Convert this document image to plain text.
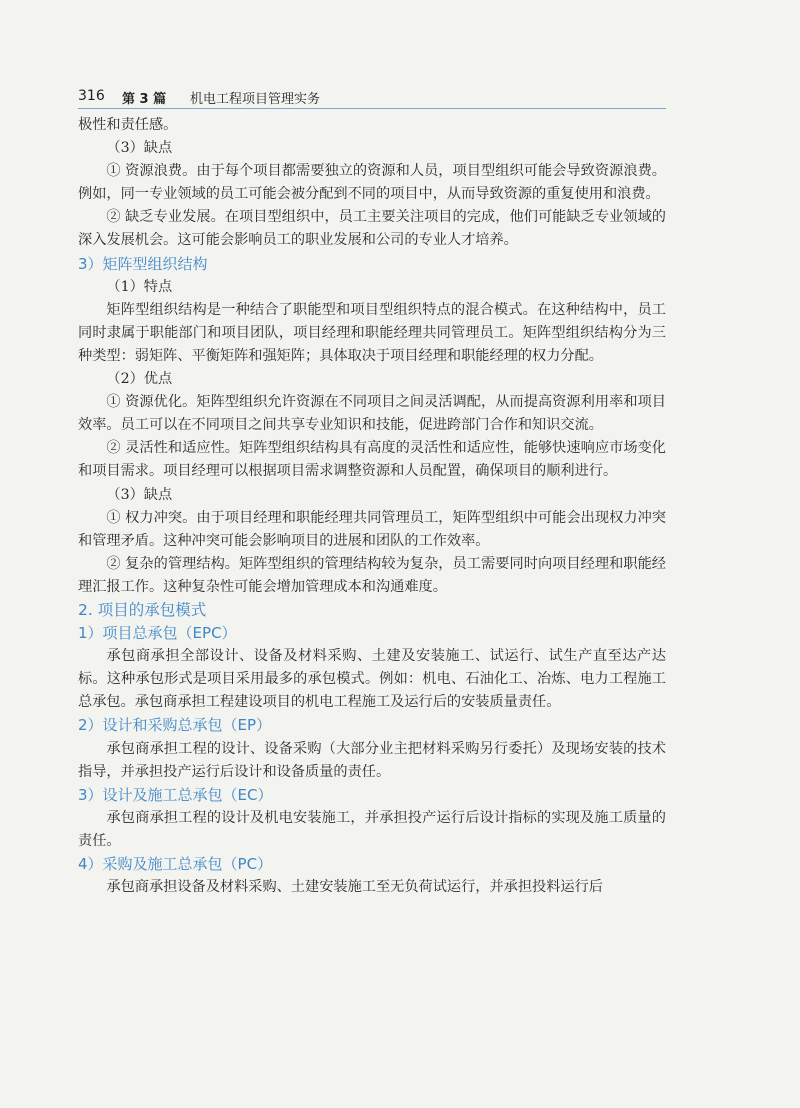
316 第 3 篇 机电工程项目管理实务

极性和责任感。

（3）缺点

① 资源浪费。由于每个项目都需要独立的资源和人员，项目型组织可能会导致资源浪费。例如，同一专业领域的员工可能会被分配到不同的项目中，从而导致资源的重复使用和浪费。

② 缺乏专业发展。在项目型组织中，员工主要关注项目的完成，他们可能缺乏专业领域的深入发展机会。这可能会影响员工的职业发展和公司的专业人才培养。

3）矩阵型组织结构

（1）特点

矩阵型组织结构是一种结合了职能型和项目型组织特点的混合模式。在这种结构中，员工同时隶属于职能部门和项目团队，项目经理和职能经理共同管理员工。矩阵型组织结构分为三种类型：弱矩阵、平衡矩阵和强矩阵；具体取决于项目经理和职能经理的权力分配。

（2）优点

① 资源优化。矩阵型组织允许资源在不同项目之间灵活调配，从而提高资源利用率和项目效率。员工可以在不同项目之间共享专业知识和技能，促进跨部门合作和知识交流。

② 灵活性和适应性。矩阵型组织结构具有高度的灵活性和适应性，能够快速响应市场变化和项目需求。项目经理可以根据项目需求调整资源和人员配置，确保项目的顺利进行。

（3）缺点

① 权力冲突。由于项目经理和职能经理共同管理员工，矩阵型组织中可能会出现权力冲突和管理矛盾。这种冲突可能会影响项目的进展和团队的工作效率。

② 复杂的管理结构。矩阵型组织的管理结构较为复杂，员工需要同时向项目经理和职能经理汇报工作。这种复杂性可能会增加管理成本和沟通难度。

2. 项目的承包模式

1）项目总承包（EPC）

承包商承担全部设计、设备及材料采购、土建及安装施工、试运行、试生产直至达产达标。这种承包形式是项目采用最多的承包模式。例如：机电、石油化工、冶炼、电力工程施工总承包。承包商承担工程建设项目的机电工程施工及运行后的安装质量责任。

2）设计和采购总承包（EP）

承包商承担工程的设计、设备采购（大部分业主把材料采购另行委托）及现场安装的技术指导，并承担投产运行后设计和设备质量的责任。

3）设计及施工总承包（EC）

承包商承担工程的设计及机电安装施工，并承担投产运行后设计指标的实现及施工质量的责任。

4）采购及施工总承包（PC）

承包商承担设备及材料采购、土建安装施工至无负荷试运行，并承担投料运行后
